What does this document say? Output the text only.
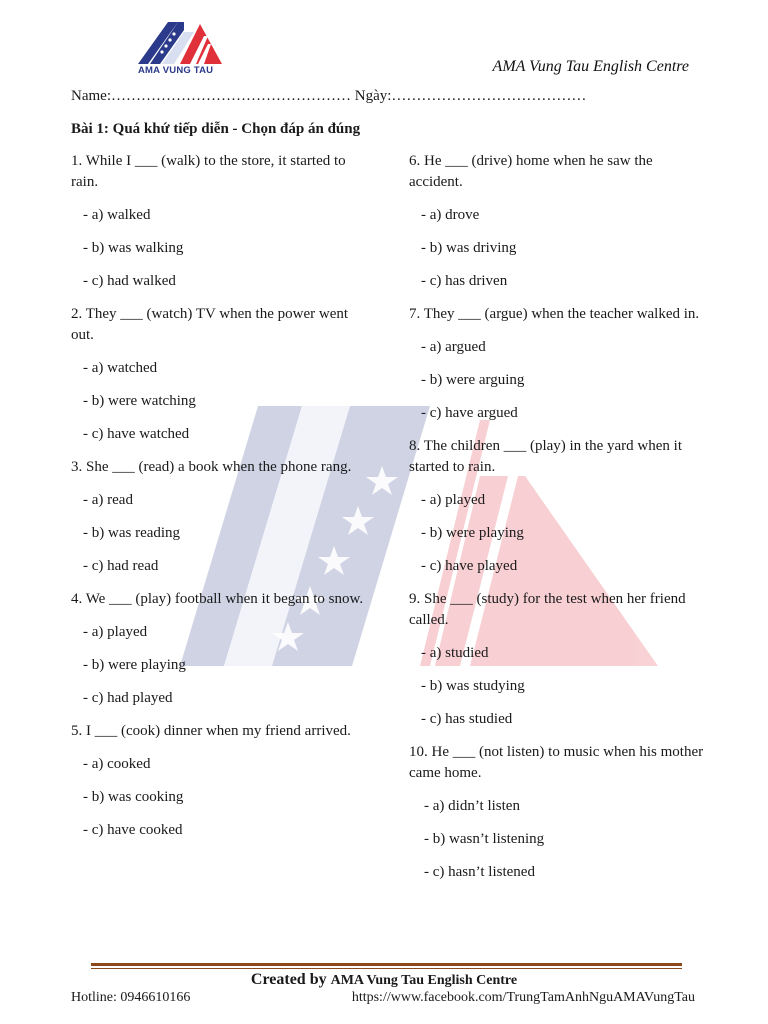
AMA VUNG TAU	AMA Vung Tau English Centre
Name:………………………………………… Ngày:…………………………………
Bài 1: Quá khứ tiếp diễn - Chọn đáp án đúng

1. While I ___ (walk) to the store, it started to rain.

- a) walked

- b) was walking

- c) had walked

2. They ___ (watch) TV when the power went out.

- a) watched

- b) were watching

- c) have watched

3. She ___ (read) a book when the phone rang.

- a) read

- b) was reading

- c) had read

4. We ___ (play) football when it began to snow.

- a) played

- b) were playing

- c) had played

5. I ___ (cook) dinner when my friend arrived.

- a) cooked

- b) was cooking

- c) have cooked

6. He ___ (drive) home when he saw the accident.

- a) drove

- b) was driving

- c) has driven

7. They ___ (argue) when the teacher walked in.

- a) argued

- b) were arguing

- c) have argued

8. The children ___ (play) in the yard when it started to rain.

- a) played

- b) were playing

- c) have played

9. She ___ (study) for the test when her friend called.

- a) studied

- b) was studying

- c) has studied

10. He ___ (not listen) to music when his mother came home.

- a) didn’t listen

- b) wasn’t listening

- c) hasn’t listened

Created by AMA Vung Tau English Centre
Hotline: 0946610166	https://www.facebook.com/TrungTamAnhNguAMAVungTau
